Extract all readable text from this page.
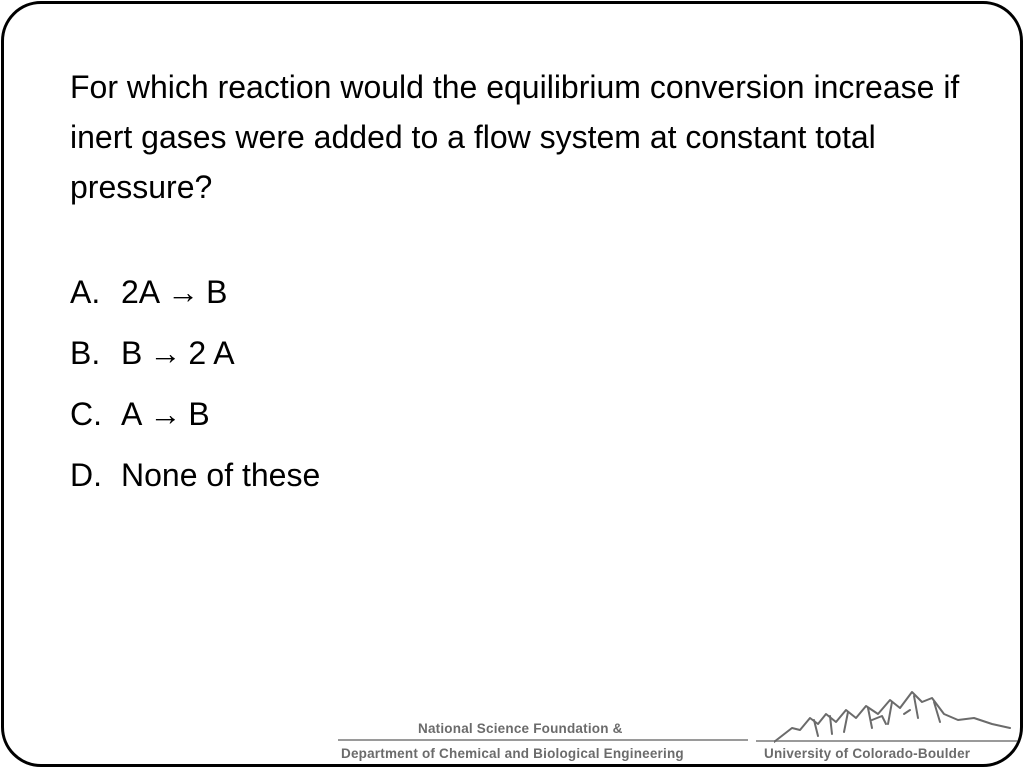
For which reaction would the equilibrium conversion increase if inert gases were added to a flow system at constant total pressure?

A. 2A → B
B. B → 2 A
C. A → B
D. None of these
National Science Foundation &
Department of Chemical and Biological Engineering	University of Colorado-Boulder
